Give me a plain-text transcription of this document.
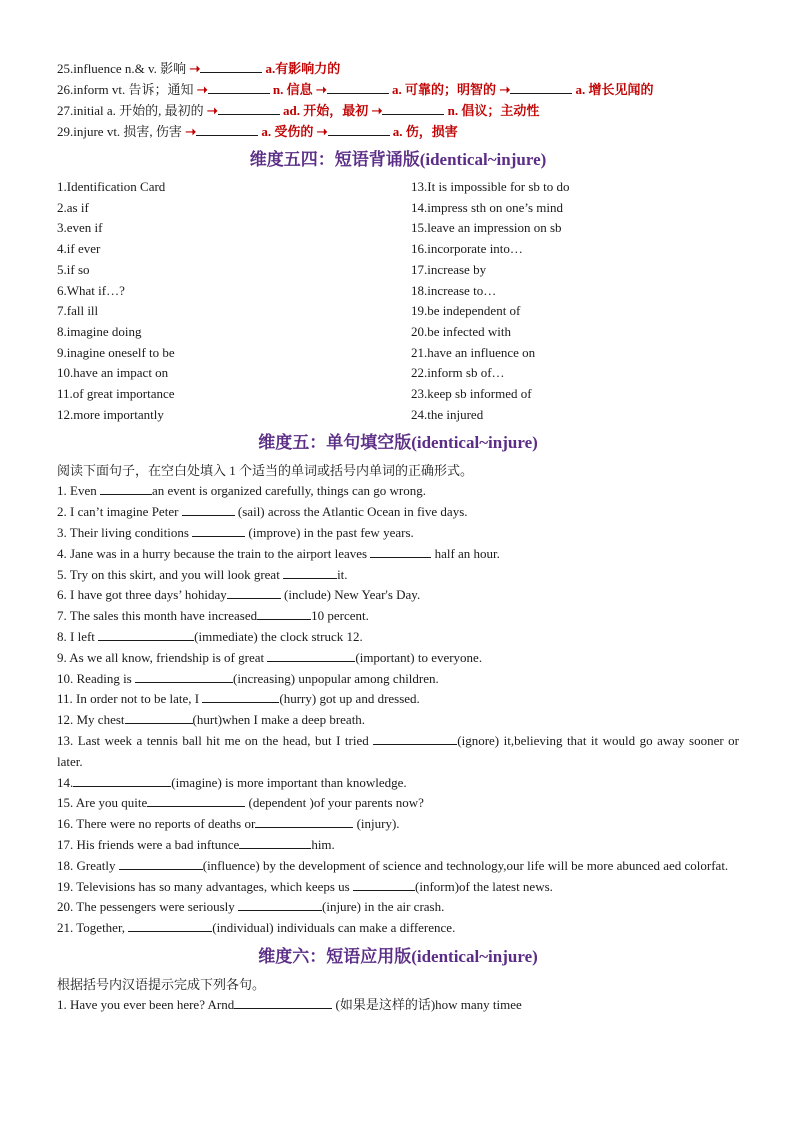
25.influence n.& v. 影响 ➝	a.有影响力的
26.inform vt. 告诉；通知 ➝	n. 信息 ➝	a. 可靠的；明智的 ➝	a. 增长见闻的
27.initial a. 开始的, 最初的 ➝	ad. 开始，最初 ➝	n. 倡议；主动性
29.injure vt. 损害, 伤害 ➝	a. 受伤的 ➝	a. 伤，损害
维度五四：短语背诵版(identical~injure)
1.Identification Card
2.as if
3.even if
4.if ever
5.if so
6.What if…?
7.fall ill
8.imagine doing
9.inagine oneself to be
10.have an impact on
11.of great importance
12.more importantly
13.It is impossible for sb to do
14.impress sth on one’s mind
15.leave an impression on sb
16.incorporate into…
17.increase by
18.increase to…
19.be independent of
20.be infected with
21.have an influence on
22.inform sb of…
23.keep sb informed of
24.the injured
维度五：单句填空版(identical~injure)
阅读下面句子，在空白处填入 1 个适当的单词或括号内单词的正确形式。
1. Even	an event is organized carefully, things can go wrong.
2. I can’t imagine Peter	(sail) across the Atlantic Ocean in five days.
3. Their living conditions	(improve) in the past few years.
4. Jane was in a hurry because the train to the airport leaves	half an hour.
5. Try on this skirt, and you will look great	it.
6. I have got three days’ hohiday	(include) New Year's Day.
7. The sales this month have increased	10 percent.
8. I left	(immediate) the clock struck 12.
9. As we all know, friendship is of great	(important) to everyone.
10. Reading is	(increasing) unpopular among children.
11. In order not to be late, I	(hurry) got up and dressed.
12. My chest	(hurt)when I make a deep breath.
13. Last week a tennis ball hit me on the head, but I tried	(ignore) it,believing that it would go away sooner or later.
14.	(imagine) is more important than knowledge.
15. Are you quite	(dependent )of your parents now?
16. There were no reports of deaths or	(injury).
17. His friends were a bad inftunce	him.
18. Greatly	(influence) by the development of science and technology,our life will be more abunced aed colorfat.
19. Televisions has so many advantages, which keeps us	(inform)of the latest news.
20. The pessengers were seriously	(injure) in the air crash.
21. Together,	(individual) individuals can make a difference.
维度六：短语应用版(identical~injure)
根据括号内汉语提示完成下列各句。
1. Have you ever been here? Arnd	(如果是这样的话)how many timee
